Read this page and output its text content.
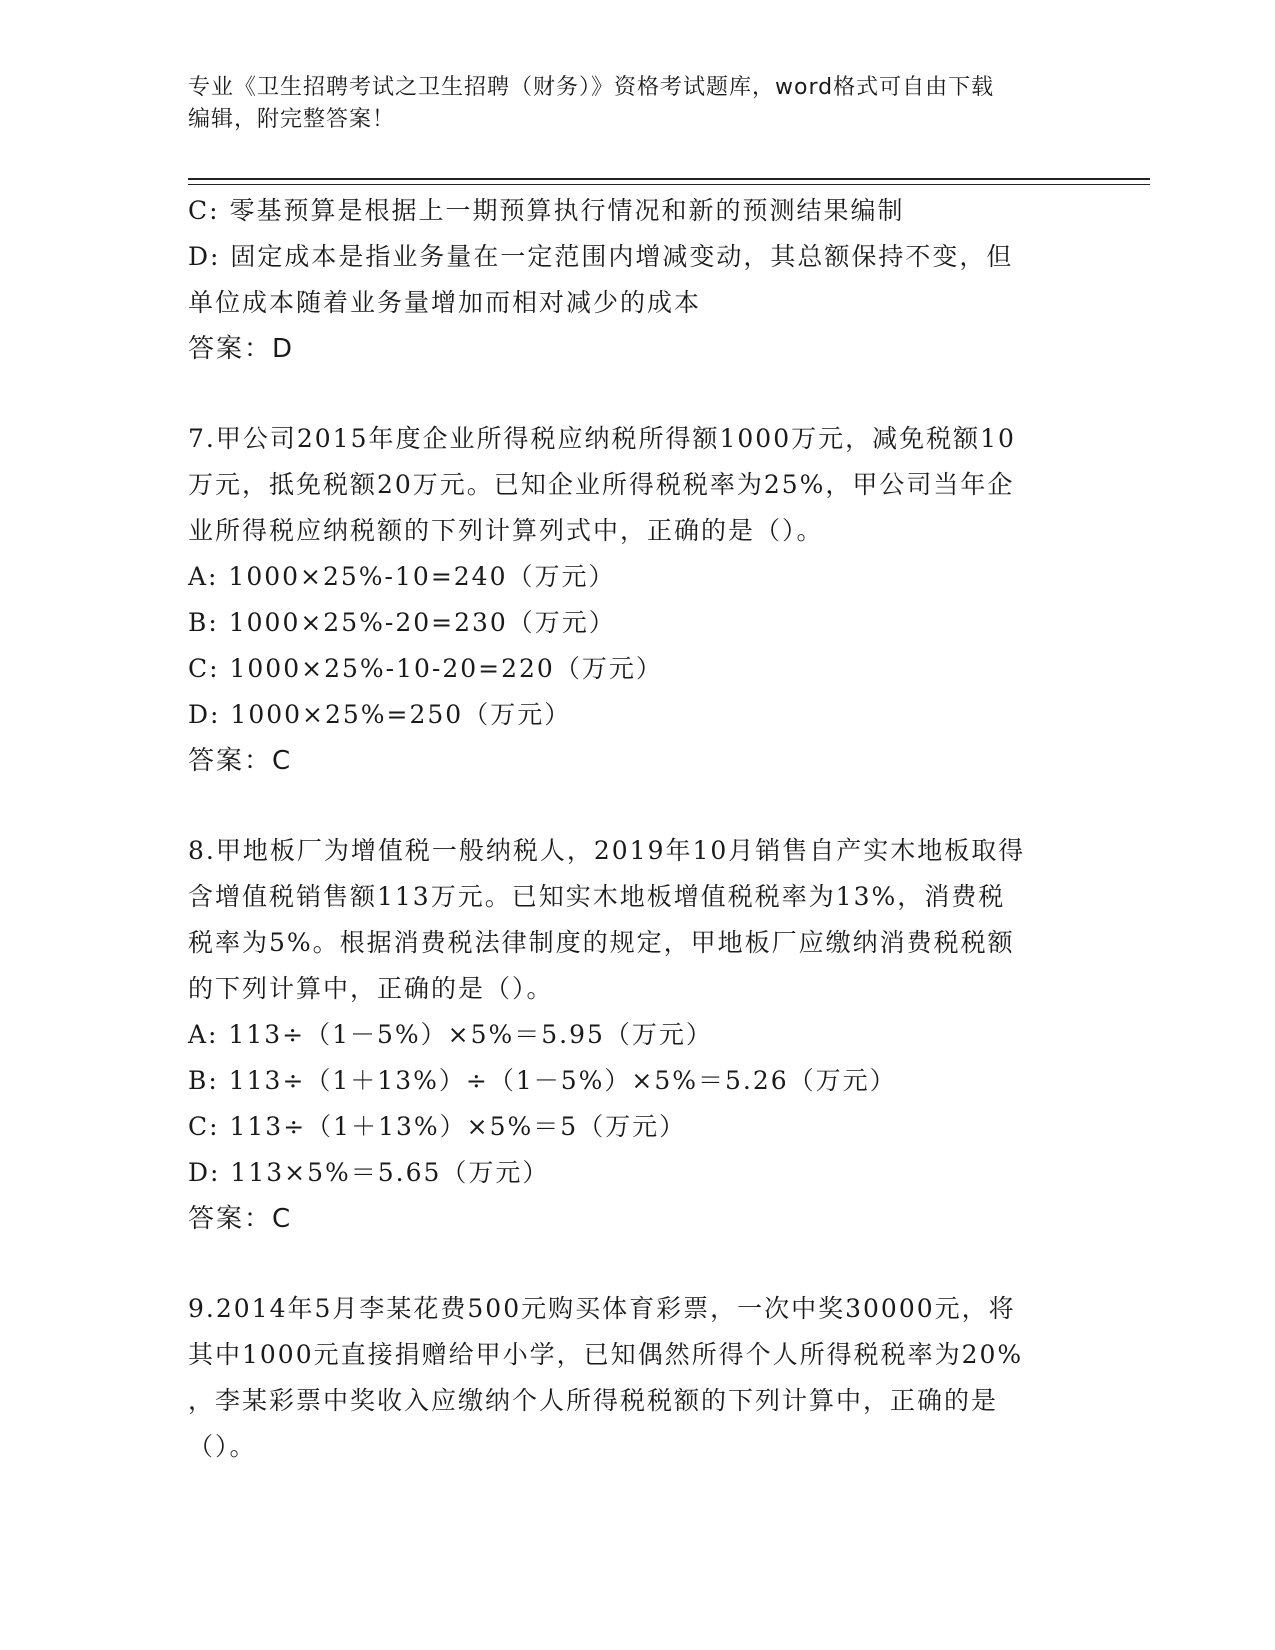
专业《卫生招聘考试之卫生招聘（财务）》资格考试题库，word格式可自由下载
编辑，附完整答案！
C: 零基预算是根据上一期预算执行情况和新的预测结果编制
D: 固定成本是指业务量在一定范围内增减变动，其总额保持不变，但
单位成本随着业务量增加而相对减少的成本
答案：D
7.甲公司2015年度企业所得税应纳税所得额1000万元，减免税额10
万元，抵免税额20万元。已知企业所得税税率为25%，甲公司当年企
业所得税应纳税额的下列计算列式中，正确的是（）。
A: 1000×25%-10=240（万元）
B: 1000×25%-20=230（万元）
C: 1000×25%-10-20=220（万元）
D: 1000×25%=250（万元）
答案：C
8.甲地板厂为增值税一般纳税人，2019年10月销售自产实木地板取得
含增值税销售额113万元。已知实木地板增值税税率为13%，消费税
税率为5%。根据消费税法律制度的规定，甲地板厂应缴纳消费税税额
的下列计算中，正确的是（）。
A: 113÷（1－5%）×5%＝5.95（万元）
B: 113÷（1＋13%）÷（1－5%）×5%＝5.26（万元）
C: 113÷（1＋13%）×5%＝5（万元）
D: 113×5%＝5.65（万元）
答案：C
9.2014年5月李某花费500元购买体育彩票，一次中奖30000元，将
其中1000元直接捐赠给甲小学，已知偶然所得个人所得税税率为20%
，李某彩票中奖收入应缴纳个人所得税税额的下列计算中，正确的是
（）。
